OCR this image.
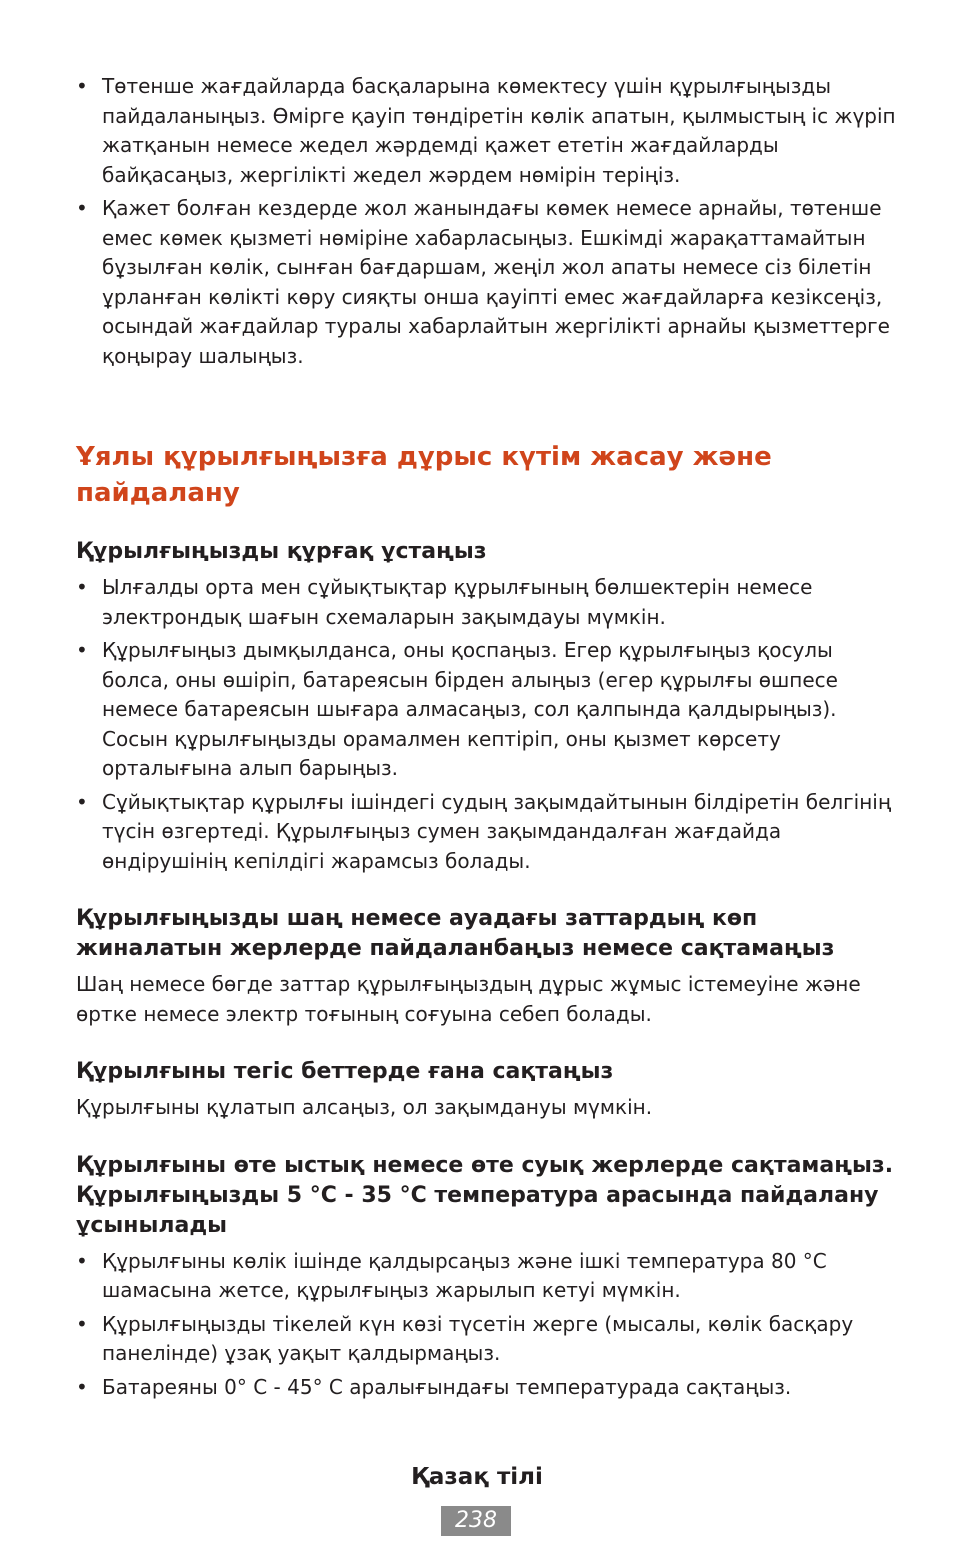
• Төтенше жағдайларда басқаларына көмектесу үшін құрылғыңызды пайдаланыңыз. Өмірге қауіп төндіретін көлік апатын, қылмыстың іс жүріп жатқанын немесе жедел жәрдемді қажет ететін жағдайларды байқасаңыз, жергілікті жедел жәрдем нөмірін теріңіз.
• Қажет болған кездерде жол жанындағы көмек немесе арнайы, төтенше емес көмек қызметі нөміріне хабарласыңыз. Ешкімді жарақаттамайтын бұзылған көлік, сынған бағдаршам, жеңіл жол апаты немесе сіз білетін ұрланған көлікті көру сияқты онша қауіпті емес жағдайларға кезіксеңіз, осындай жағдайлар туралы хабарлайтын жергілікті арнайы қызметтерге қоңырау шалыңыз.
Ұялы құрылғыңызға дұрыс күтім жасау және пайдалану
Құрылғыңызды құрғақ ұстаңыз
• Ылғалды орта мен сұйықтықтар құрылғының бөлшектерін немесе электрондық шағын схемаларын зақымдауы мүмкін.
• Құрылғыңыз дымқылданса, оны қоспаңыз. Егер құрылғыңыз қосулы болса, оны өшіріп, батареясын бірден алыңыз (егер құрылғы өшпесе немесе батареясын шығара алмасаңыз, сол қалпында қалдырыңыз). Сосын құрылғыңызды орамалмен кептіріп, оны қызмет көрсету орталығына алып барыңыз.
• Сұйықтықтар құрылғы ішіндегі судың зақымдайтынын білдіретін белгінің түсін өзгертеді. Құрылғыңыз сумен зақымдандалған жағдайда өндірушінің кепілдігі жарамсыз болады.
Құрылғыңызды шаң немесе ауадағы заттардың көп жиналатын жерлерде пайдаланбаңыз немесе сақтамаңыз

Шаң немесе бөгде заттар құрылғыңыздың дұрыс жұмыс істемеуіне және өртке немесе электр тоғының соғуына себеп болады.

Құрылғыны тегіс беттерде ғана сақтаңыз

Құрылғыны құлатып алсаңыз, ол зақымдануы мүмкін.

Құрылғыны өте ыстық немесе өте суық жерлерде сақтамаңыз. Құрылғыңызды 5 °C - 35 °C температура арасында пайдалану ұсынылады
• Құрылғыны көлік ішінде қалдырсаңыз және ішкі температура 80 °C шамасына жетсе, құрылғыңыз жарылып кетуі мүмкін.
• Құрылғыңызды тікелей күн көзі түсетін жерге (мысалы, көлік басқару панелінде) ұзақ уақыт қалдырмаңыз.
• Батареяны 0° C - 45° C аралығындағы температурада сақтаңыз.
Қазақ тілі
238
